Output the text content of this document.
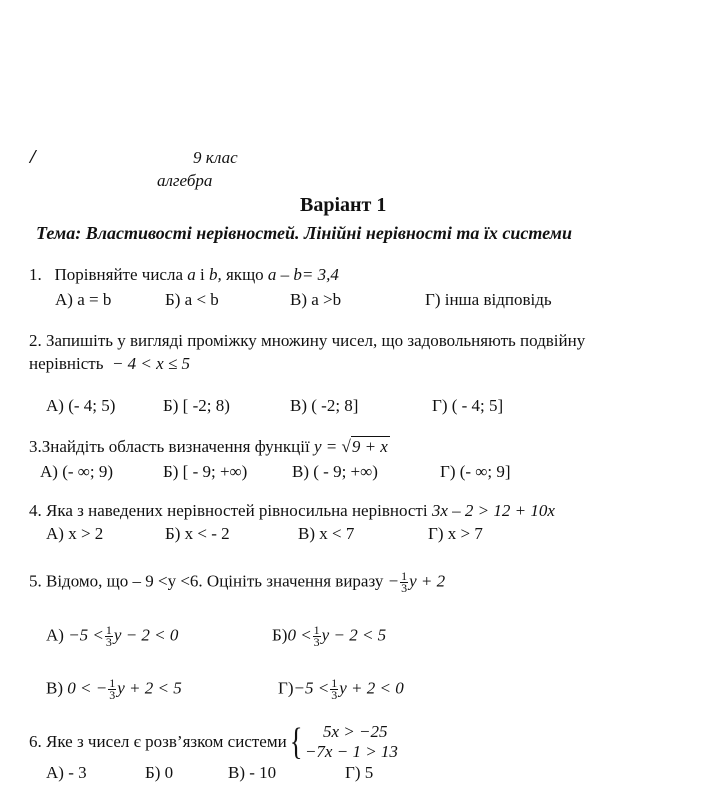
/	9 клас
алгебра
Варіант 1
Тема: Властивості нерівностей. Лінійні нерівності та їх системи
1. Порівняйте числа a і b, якщо a – b= 3,4
A) a = b	Б) a < b	В) a >b	Г) інша відповідь
2. Запишіть у вигляді проміжку множину чисел, що задовольняють подвійну
нерівність − 4 < x ≤ 5
A) (- 4; 5)	Б) [ -2; 8)	В) ( -2; 8]	Г) ( - 4; 5]
3.Знайдіть область визначення функції y = √9 + x
A) (- ∞; 9)	Б) [ - 9; +∞)	В) ( - 9; +∞)	Г) (- ∞; 9]
4. Яка з наведених нерівностей рівносильна нерівності 3x – 2 > 12 + 10x
A) x > 2	Б) x < - 2	В) x < 7	Г) x > 7
5. Відомо, що – 9 <y <6. Оцініть значення виразу − $\frac{1}{3}$ y + 2
$A) -5 < \frac{1}{3}$ y − 2 < 0	$Б)0 < \frac{1}{3}$ y − 2 < 5
В) 0 < − $\frac{1}{3}$ y + 2 < 5	$Г)-5 < \frac{1}{3}$ y + 2 < 0
6. Яке з чисел є розв’язком системи{	5x > −25
−7x − 1 > 13
A) - 3	Б) 0	В) - 10	Г) 5
